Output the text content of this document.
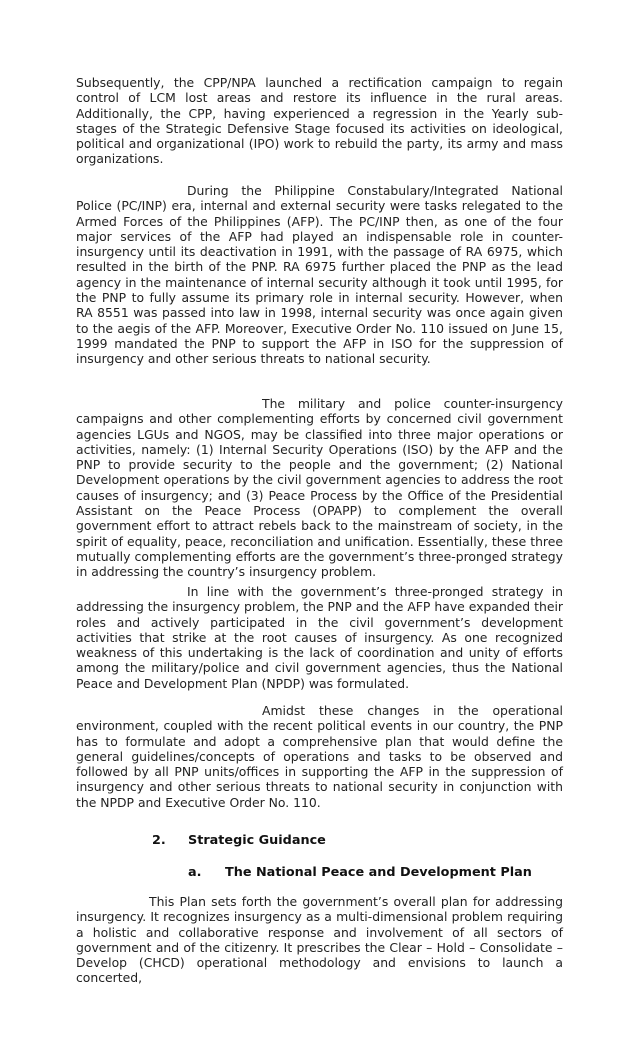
Subsequently, the CPP/NPA launched a rectification campaign to regain control of LCM lost areas and restore its influence in the rural areas. Additionally, the CPP, having experienced a regression in the Yearly sub-stages of the Strategic Defensive Stage focused its activities on ideological, political and organizational (IPO) work to rebuild the party, its army and mass organizations.

During the Philippine Constabulary/Integrated National Police (PC/INP) era, internal and external security were tasks relegated to the Armed Forces of the Philippines (AFP). The PC/INP then, as one of the four major services of the AFP had played an indispensable role in counter-insurgency until its deactivation in 1991, with the passage of RA 6975, which resulted in the birth of the PNP. RA 6975 further placed the PNP as the lead agency in the maintenance of internal security although it took until 1995, for the PNP to fully assume its primary role in internal security. However, when RA 8551 was passed into law in 1998, internal security was once again given to the aegis of the AFP. Moreover, Executive Order No. 110 issued on June 15, 1999 mandated the PNP to support the AFP in ISO for the suppression of insurgency and other serious threats to national security.

The military and police counter-insurgency campaigns and other complementing efforts by concerned civil government agencies LGUs and NGOS, may be classified into three major operations or activities, namely: (1) Internal Security Operations (ISO) by the AFP and the PNP to provide security to the people and the government; (2) National Development operations by the civil government agencies to address the root causes of insurgency; and (3) Peace Process by the Office of the Presidential Assistant on the Peace Process (OPAPP) to complement the overall government effort to attract rebels back to the mainstream of society, in the spirit of equality, peace, reconciliation and unification. Essentially, these three mutually complementing efforts are the government’s three-pronged strategy in addressing the country’s insurgency problem.

In line with the government’s three-pronged strategy in addressing the insurgency problem, the PNP and the AFP have expanded their roles and actively participated in the civil government’s development activities that strike at the root causes of insurgency. As one recognized weakness of this undertaking is the lack of coordination and unity of efforts among the military/police and civil government agencies, thus the National Peace and Development Plan (NPDP) was formulated.

Amidst these changes in the operational environment, coupled with the recent political events in our country, the PNP has to formulate and adopt a comprehensive plan that would define the general guidelines/concepts of operations and tasks to be observed and followed by all PNP units/offices in supporting the AFP in the suppression of insurgency and other serious threats to national security in conjunction with the NPDP and Executive Order No. 110.

2. Strategic Guidance
a. The National Peace and Development Plan

This Plan sets forth the government’s overall plan for addressing insurgency. It recognizes insurgency as a multi-dimensional problem requiring a holistic and collaborative response and involvement of all sectors of government and of the citizenry. It prescribes the Clear – Hold – Consolidate – Develop (CHCD) operational methodology and envisions to launch a concerted,
